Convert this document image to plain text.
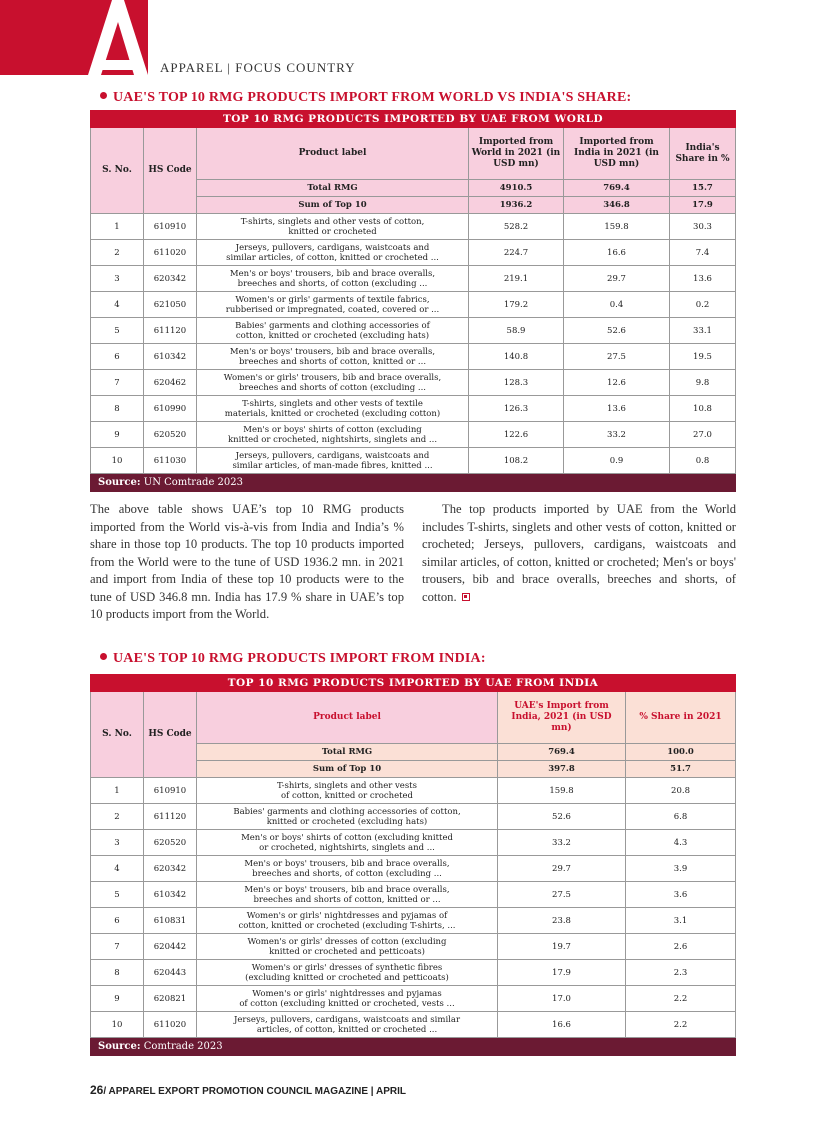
APPAREL | FOCUS COUNTRY
UAE'S TOP 10 RMG PRODUCTS IMPORT FROM WORLD VS INDIA'S SHARE:
TOP 10 RMG PRODUCTS IMPORTED BY UAE FROM WORLD					
S. No.	HS Code	Product label	Imported from World in 2021 (in USD mn)	Imported from India in 2021 (in USD mn)	India's Share in %
		Total RMG	4910.5	769.4	15.7
		Sum of Top 10	1936.2	346.8	17.9
1	610910	T-shirts, singlets and other vests of cotton,
knitted or crocheted	528.2	159.8	30.3
2	611020	Jerseys, pullovers, cardigans, waistcoats and
similar articles, of cotton, knitted or crocheted ...	224.7	16.6	7.4
3	620342	Men's or boys' trousers, bib and brace overalls,
breeches and shorts, of cotton (excluding ...	219.1	29.7	13.6
4	621050	Women's or girls' garments of textile fabrics,
rubberised or impregnated, coated, covered or ...	179.2	0.4	0.2
5	611120	Babies' garments and clothing accessories of
cotton, knitted or crocheted (excluding hats)	58.9	52.6	33.1
6	610342	Men's or boys' trousers, bib and brace overalls,
breeches and shorts of cotton, knitted or ...	140.8	27.5	19.5
7	620462	Women's or girls' trousers, bib and brace overalls,
breeches and shorts of cotton (excluding ...	128.3	12.6	9.8
8	610990	T-shirts, singlets and other vests of textile
materials, knitted or crocheted (excluding cotton)	126.3	13.6	10.8
9	620520	Men's or boys' shirts of cotton (excluding
knitted or crocheted, nightshirts, singlets and ...	122.6	33.2	27.0
10	611030	Jerseys, pullovers, cardigans, waistcoats and
similar articles, of man-made fibres, knitted ...	108.2	0.9	0.8
Source: UN Comtrade 2023					

The above table shows UAE’s top 10 RMG products imported from the World vis-à-vis from India and India’s % share in those top 10 products. The top 10 products imported from the World were to the tune of USD 1936.2 mn. in 2021 and import from India of these top 10 products were to the tune of USD 346.8 mn. India has 17.9 % share in UAE’s top 10 products import from the World.

The top products imported by UAE from the World includes T-shirts, singlets and other vests of cotton, knitted or crocheted; Jerseys, pullovers, cardigans, waistcoats and similar articles, of cotton, knitted or crocheted; Men's or boys' trousers, bib and brace overalls, breeches and shorts, of cotton.

UAE'S TOP 10 RMG PRODUCTS IMPORT FROM INDIA:
TOP 10 RMG PRODUCTS IMPORTED BY UAE FROM INDIA				
S. No.	HS Code	Product label	UAE's Import from India, 2021 (in USD mn)	% Share in 2021
		Total RMG	769.4	100.0
		Sum of Top 10	397.8	51.7
1	610910	T-shirts, singlets and other vests
of cotton, knitted or crocheted	159.8	20.8
2	611120	Babies' garments and clothing accessories of cotton,
knitted or crocheted (excluding hats)	52.6	6.8
3	620520	Men's or boys' shirts of cotton (excluding knitted
or crocheted, nightshirts, singlets and ...	33.2	4.3
4	620342	Men's or boys' trousers, bib and brace overalls,
breeches and shorts, of cotton (excluding ...	29.7	3.9
5	610342	Men's or boys' trousers, bib and brace overalls,
breeches and shorts of cotton, knitted or ...	27.5	3.6
6	610831	Women's or girls' nightdresses and pyjamas of
cotton, knitted or crocheted (excluding T-shirts, ...	23.8	3.1
7	620442	Women's or girls' dresses of cotton (excluding
knitted or crocheted and petticoats)	19.7	2.6
8	620443	Women's or girls' dresses of synthetic fibres
(excluding knitted or crocheted and petticoats)	17.9	2.3
9	620821	Women's or girls' nightdresses and pyjamas
of cotton (excluding knitted or crocheted, vests ...	17.0	2.2
10	611020	Jerseys, pullovers, cardigans, waistcoats and similar
articles, of cotton, knitted or crocheted ...	16.6	2.2
Source: Comtrade 2023				
26/ APPAREL EXPORT PROMOTION COUNCIL MAGAZINE | APRIL
